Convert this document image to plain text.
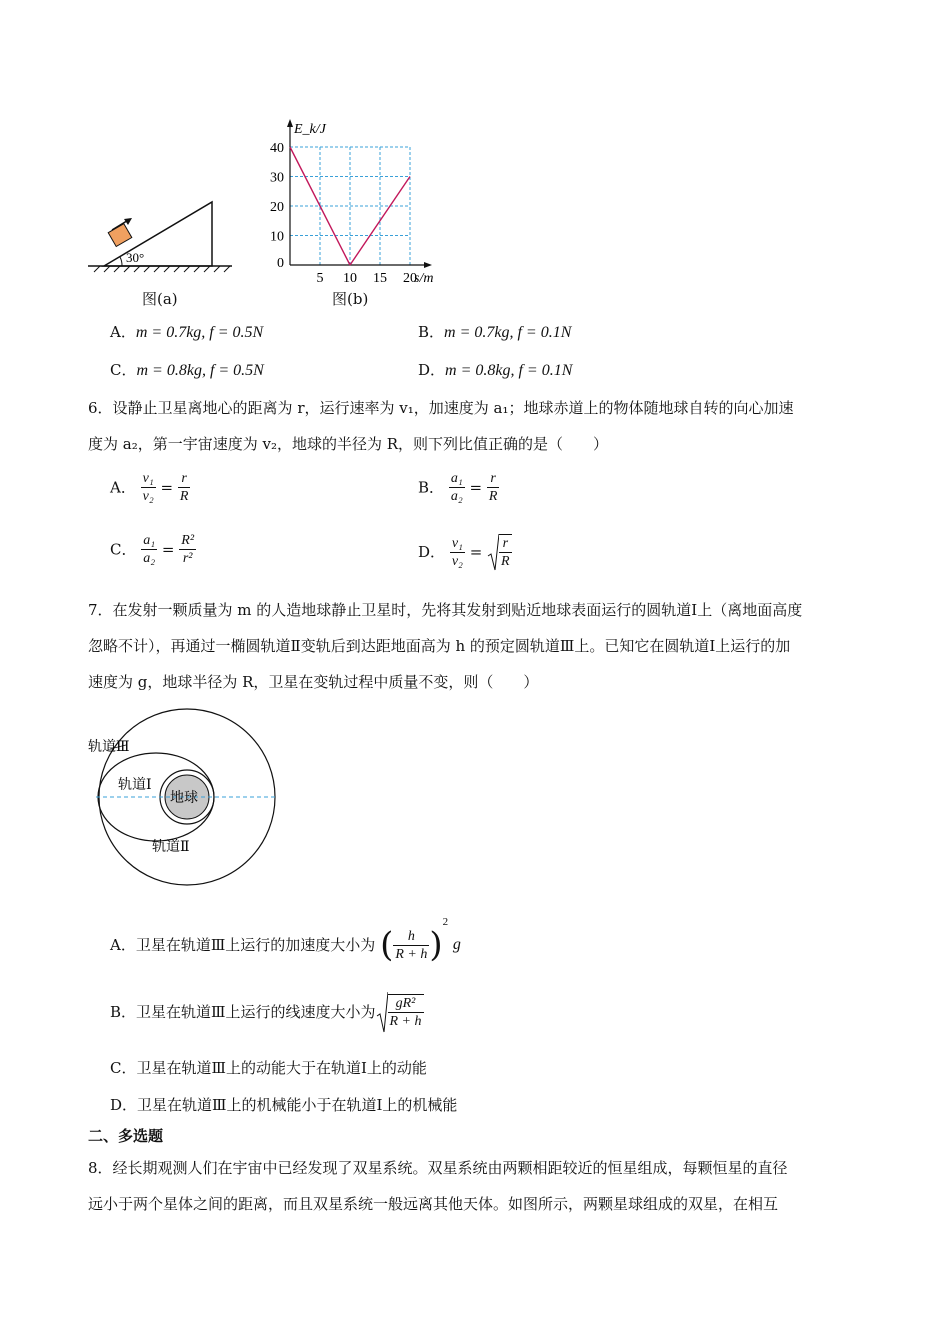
30°
图(a)
5 10 15 20
0
10
20
30
40
E_k/J
s/m
图(b)
A．m = 0.7kg, f = 0.5N	B．m = 0.7kg, f = 0.1N
C．m = 0.8kg, f = 0.5N	D．m = 0.8kg, f = 0.1N
6．设静止卫星离地心的距离为 r，运行速率为 v₁，加速度为 a₁；地球赤道上的物体随地球自转的向心加速
度为 a₂，第一宇宙速度为 v₂，地球的半径为 R，则下列比值正确的是（　　）
A． $\frac{\text{v₁}}{\text{v₂}} = \frac{r}{R}$	B． $\frac{\text{a₁}}{\text{a₂}} = \frac{r}{R}$
C． $\frac{\text{a₁}}{\text{a₂}} = \frac{\text{R²}}{\text{r²}}$	D． $\frac{\text{v₁}}{\text{v₂}} = \frac{r}{R}$
7．在发射一颗质量为 m 的人造地球静止卫星时，先将其发射到贴近地球表面运行的圆轨道Ⅰ上（离地面高度
忽略不计），再通过一椭圆轨道Ⅱ变轨后到达距地面高为 h 的预定圆轨道Ⅲ上。已知它在圆轨道Ⅰ上运行的加
速度为 g，地球半径为 R，卫星在变轨过程中质量不变，则（　　）
轨道Ⅲ
轨道Ⅰ
轨道Ⅱ
地球
A．卫星在轨道Ⅲ上运行的加速度大小为 ( $\frac{h}{R + h} )^2$ g
B．卫星在轨道Ⅲ上运行的线速度大小为 $\frac{\text{gR²}}{R + h}$
C．卫星在轨道Ⅲ上的动能大于在轨道Ⅰ上的动能
D．卫星在轨道Ⅲ上的机械能小于在轨道Ⅰ上的机械能
二、多选题
8．经长期观测人们在宇宙中已经发现了双星系统。双星系统由两颗相距较近的恒星组成，每颗恒星的直径
远小于两个星体之间的距离，而且双星系统一般远离其他天体。如图所示，两颗星球组成的双星，在相互
